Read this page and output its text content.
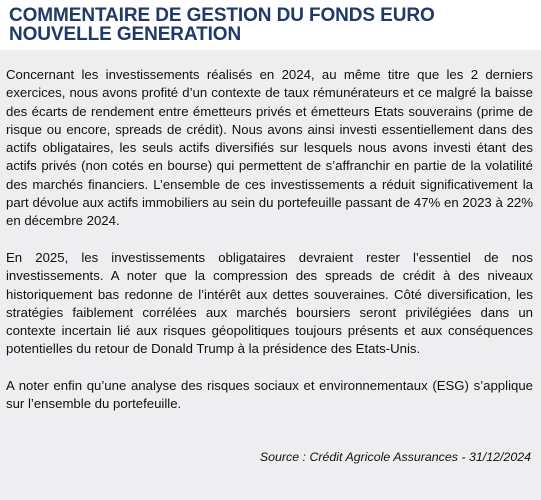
COMMENTAIRE DE GESTION DU FONDS EURO NOUVELLE GENERATION

Concernant les investissements réalisés en 2024, au même titre que les 2 derniers exercices, nous avons profité d’un contexte de taux rémunérateurs et ce malgré la baisse des écarts de rendement entre émetteurs privés et émetteurs Etats souverains (prime de risque ou encore, spreads de crédit). Nous avons ainsi investi essentiellement dans des actifs obligataires, les seuls actifs diversifiés sur lesquels nous avons investi étant des actifs privés (non cotés en bourse) qui permettent de s’affranchir en partie de la volatilité des marchés financiers. L’ensemble de ces investissements a réduit significativement la part dévolue aux actifs immobiliers au sein du portefeuille passant de 47% en 2023 à 22% en décembre 2024.

En 2025, les investissements obligataires devraient rester l’essentiel de nos investissements. A noter que la compression des spreads de crédit à des niveaux historiquement bas redonne de l’intérêt aux dettes souveraines. Côté diversification, les stratégies faiblement corrélées aux marchés boursiers seront privilégiées dans un contexte incertain lié aux risques géopolitiques toujours présents et aux conséquences potentielles du retour de Donald Trump à la présidence des Etats-Unis.

A noter enfin qu’une analyse des risques sociaux et environnementaux (ESG) s’applique sur l’ensemble du portefeuille.

Source : Crédit Agricole Assurances - 31/12/2024
